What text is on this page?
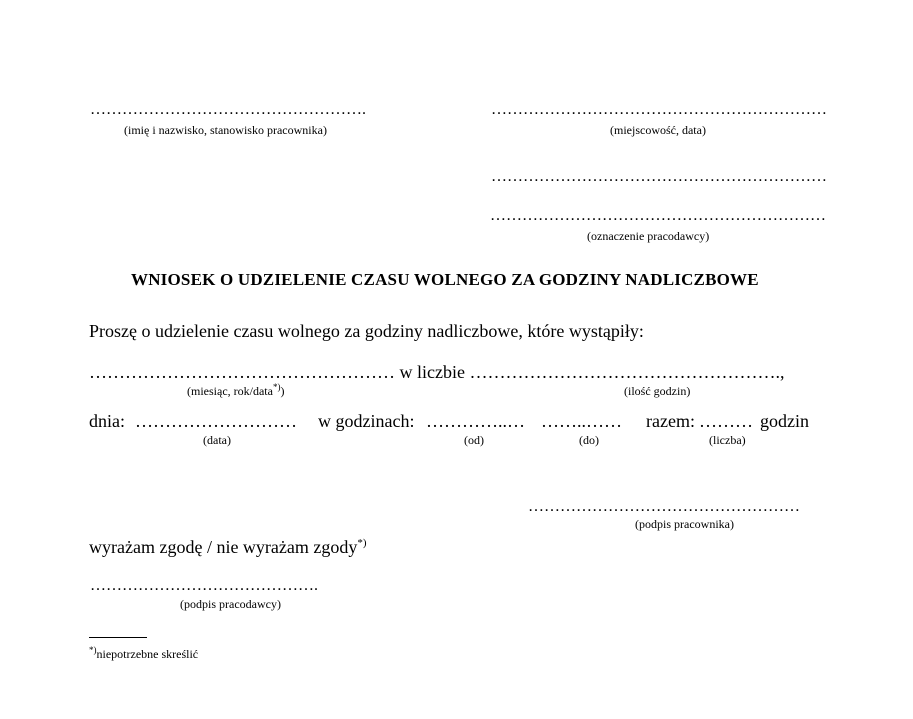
…………………………………………….
(imię i nazwisko, stanowisko pracownika)
………………………………………………………
(miejscowość, data)
………………………………………………………
………………………………………………………
(oznaczenie pracodawcy)
WNIOSEK O UDZIELENIE CZASU WOLNEGO ZA GODZINY NADLICZBOWE
Proszę o udzielenie czasu wolnego za godziny nadliczbowe, które wystąpiły:
…………………………………………… w liczbie …………………………………………….,
(miesiąc, rok/data*))	(ilość godzin)
dnia: ……………………… w godzinach: …………..… ……..…… razem: ……… godzin
(data)	(od)	(do)	(liczba)
……………………………………………
(podpis pracownika)
wyrażam zgodę / nie wyrażam zgody*)
…………………………………….
(podpis pracodawcy)
*)niepotrzebne skreślić
